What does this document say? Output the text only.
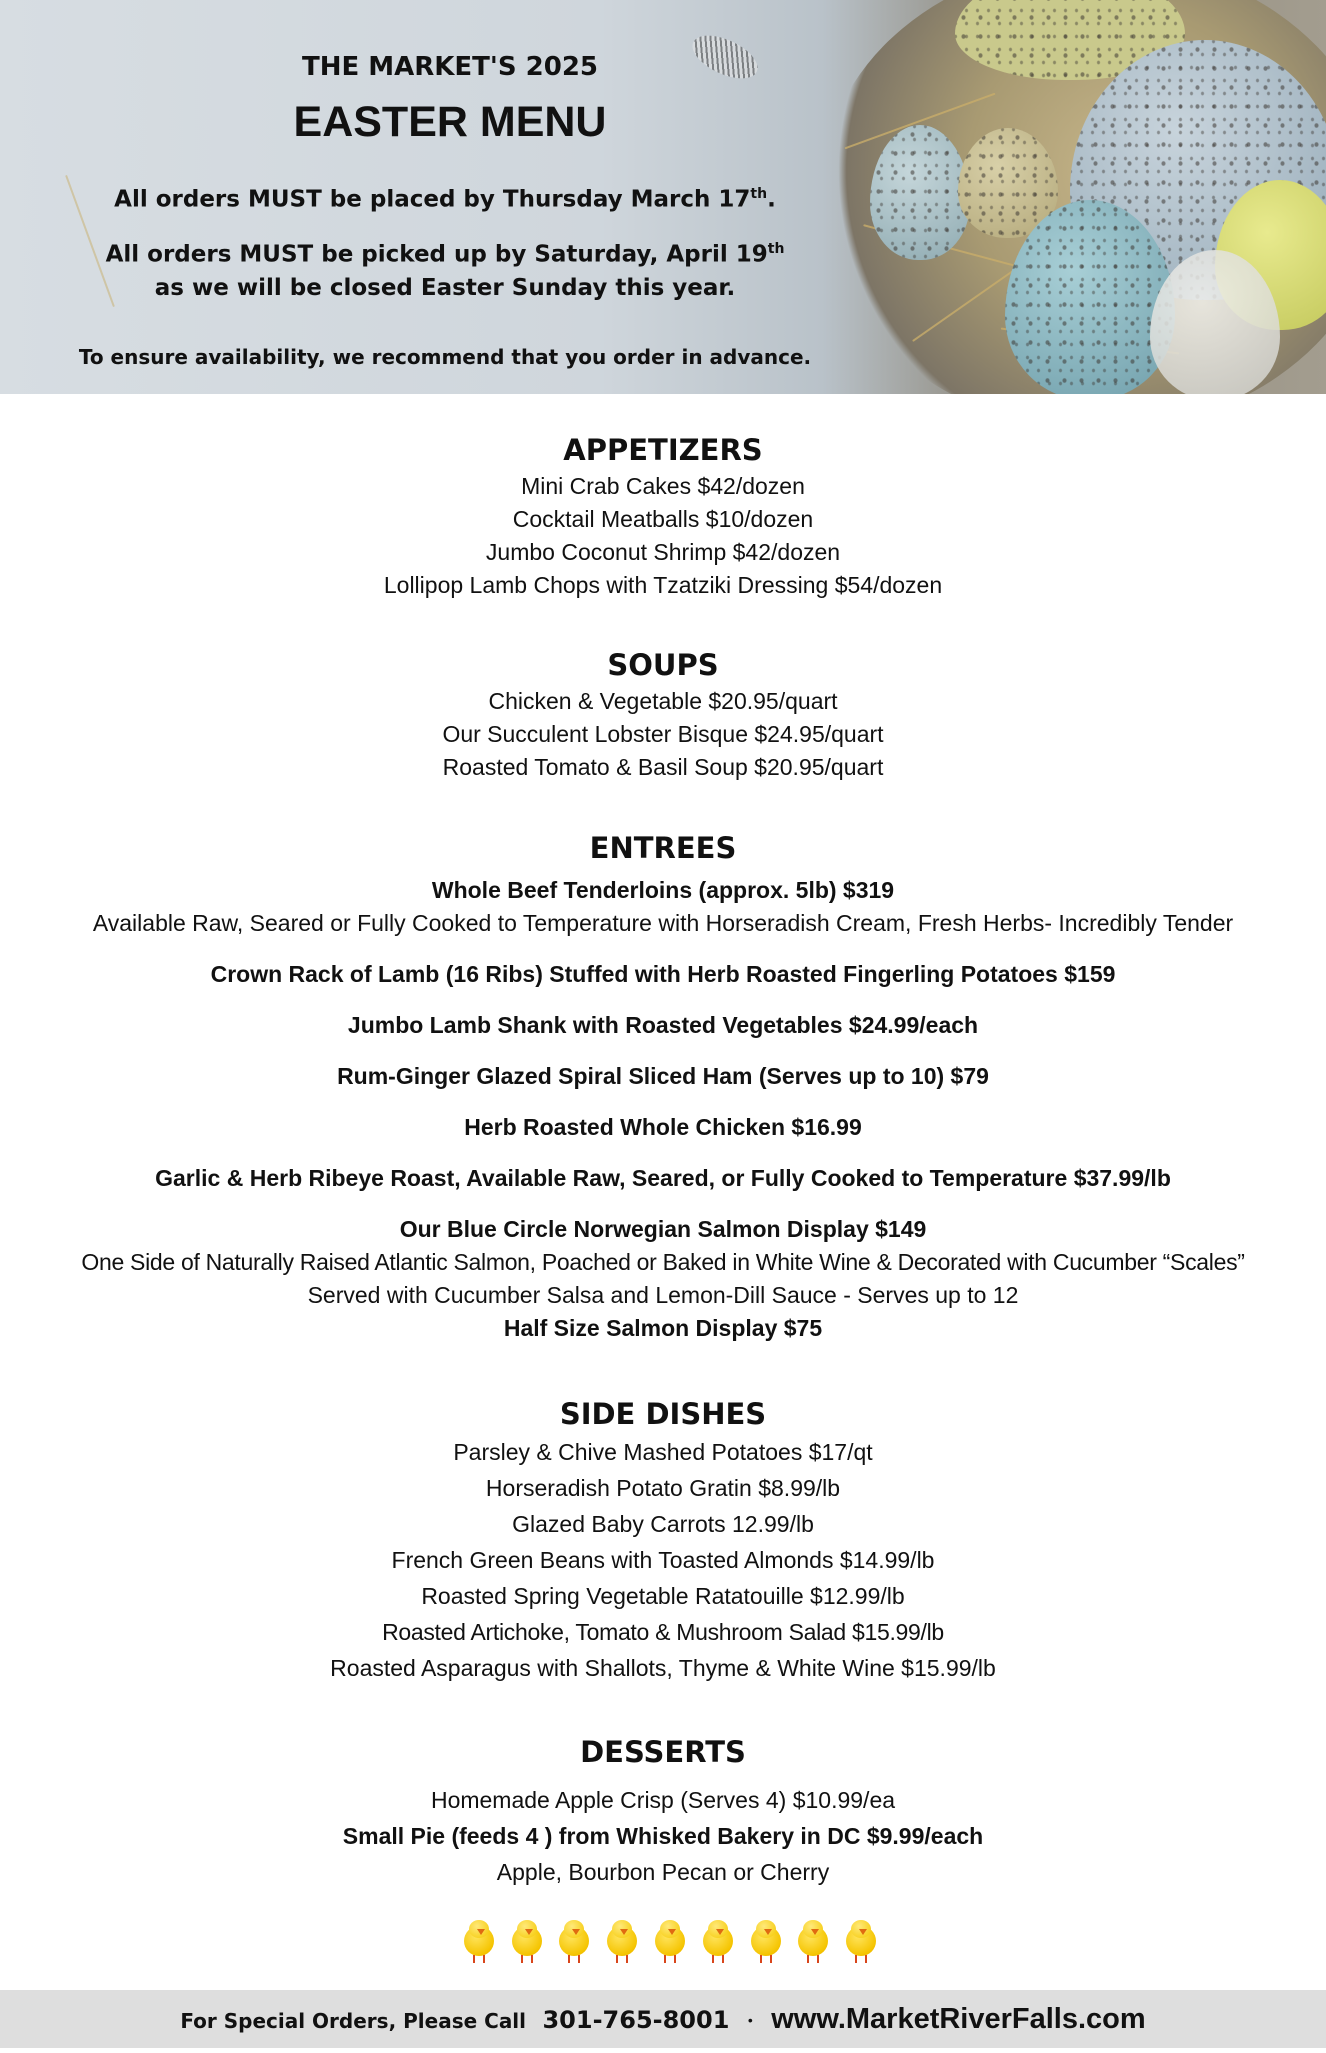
THE MARKET'S 2025
EASTER MENU
All orders MUST be placed by Thursday March 17th.
All orders MUST be picked up by Saturday, April 19th
as we will be closed Easter Sunday this year.
To ensure availability, we recommend that you order in advance.
APPETIZERS
Mini Crab Cakes $42/dozen
Cocktail Meatballs $10/dozen
Jumbo Coconut Shrimp $42/dozen
Lollipop Lamb Chops with Tzatziki Dressing $54/dozen
SOUPS
Chicken & Vegetable $20.95/quart
Our Succulent Lobster Bisque $24.95/quart
Roasted Tomato & Basil Soup $20.95/quart
ENTREES
Whole Beef Tenderloins (approx. 5lb) $319
Available Raw, Seared or Fully Cooked to Temperature with Horseradish Cream, Fresh Herbs- Incredibly Tender
Crown Rack of Lamb (16 Ribs) Stuffed with Herb Roasted Fingerling Potatoes $159
Jumbo Lamb Shank with Roasted Vegetables $24.99/each
Rum-Ginger Glazed Spiral Sliced Ham (Serves up to 10) $79
Herb Roasted Whole Chicken $16.99
Garlic & Herb Ribeye Roast, Available Raw, Seared, or Fully Cooked to Temperature $37.99/lb
Our Blue Circle Norwegian Salmon Display $149
One Side of Naturally Raised Atlantic Salmon, Poached or Baked in White Wine & Decorated with Cucumber “Scales”
Served with Cucumber Salsa and Lemon-Dill Sauce - Serves up to 12
Half Size Salmon Display $75
SIDE DISHES
Parsley & Chive Mashed Potatoes $17/qt
Horseradish Potato Gratin $8.99/lb
Glazed Baby Carrots 12.99/lb
French Green Beans with Toasted Almonds $14.99/lb
Roasted Spring Vegetable Ratatouille $12.99/lb
Roasted Artichoke, Tomato & Mushroom Salad $15.99/lb
Roasted Asparagus with Shallots, Thyme & White Wine $15.99/lb
DESSERTS
Homemade Apple Crisp (Serves 4) $10.99/ea
Small Pie (feeds 4 ) from Whisked Bakery in DC $9.99/each
Apple, Bourbon Pecan or Cherry
For Special Orders, Please Call 301-765-8001 • www.MarketRiverFalls.com
